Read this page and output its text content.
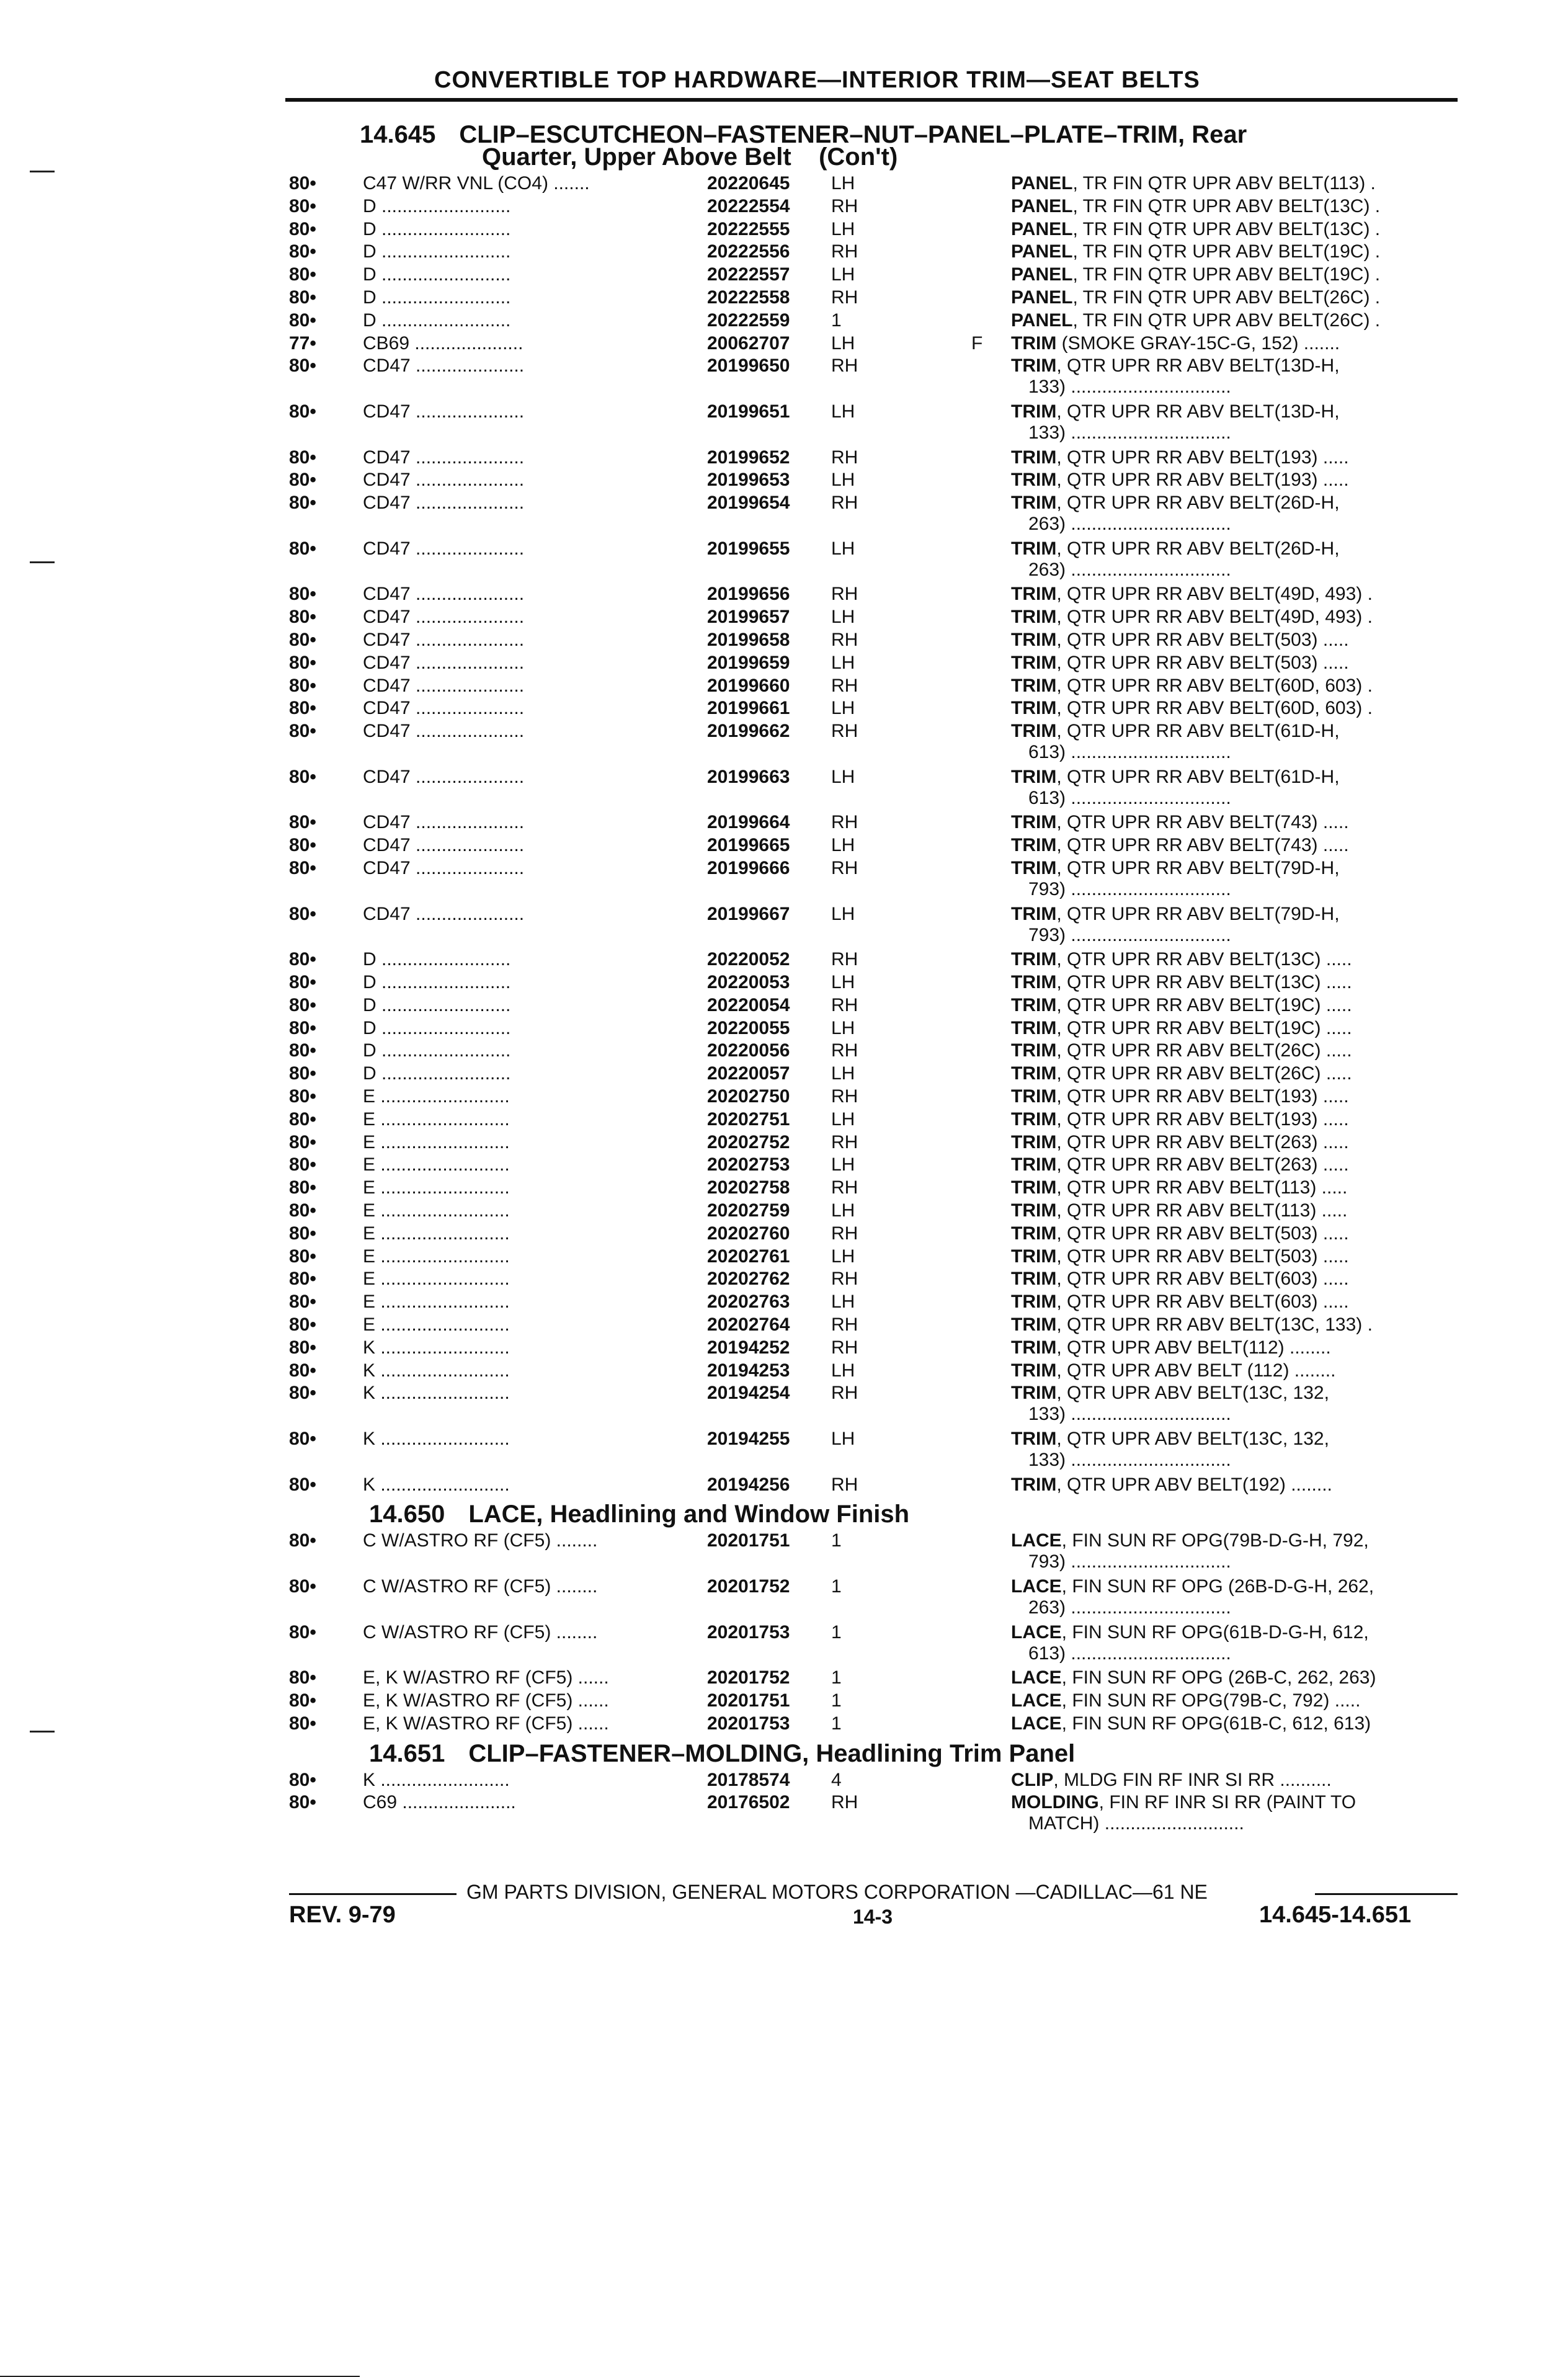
CONVERTIBLE TOP HARDWARE—INTERIOR TRIM—SEAT BELTS
14.645 CLIP–ESCUTCHEON–FASTENER–NUT–PANEL–PLATE–TRIM, Rear
Quarter, Upper Above Belt    (Con't)
80•	C47 W/RR VNL (CO4) .......	20220645 LH	PANEL, TR FIN QTR UPR ABV BELT(113) .
80•	D .........................	20222554 RH	PANEL, TR FIN QTR UPR ABV BELT(13C) .
80•	D .........................	20222555 LH	PANEL, TR FIN QTR UPR ABV BELT(13C) .
80•	D .........................	20222556 RH	PANEL, TR FIN QTR UPR ABV BELT(19C) .
80•	D .........................	20222557 LH	PANEL, TR FIN QTR UPR ABV BELT(19C) .
80•	D .........................	20222558 RH	PANEL, TR FIN QTR UPR ABV BELT(26C) .
80•	D .........................	20222559 1	PANEL, TR FIN QTR UPR ABV BELT(26C) .
77•	CB69 .....................	20062707 LH	F TRIM (SMOKE GRAY-15C-G, 152) .......
80•	CD47 .....................	20199650 RH	TRIM, QTR UPR RR ABV BELT(13D-H,
133) ...............................
80•	CD47 .....................	20199651 LH	TRIM, QTR UPR RR ABV BELT(13D-H,
133) ...............................
80•	CD47 .....................	20199652 RH	TRIM, QTR UPR RR ABV BELT(193) .....
80•	CD47 .....................	20199653 LH	TRIM, QTR UPR RR ABV BELT(193) .....
80•	CD47 .....................	20199654 RH	TRIM, QTR UPR RR ABV BELT(26D-H,
263) ...............................
80•	CD47 .....................	20199655 LH	TRIM, QTR UPR RR ABV BELT(26D-H,
263) ...............................
80•	CD47 .....................	20199656 RH	TRIM, QTR UPR RR ABV BELT(49D, 493) .
80•	CD47 .....................	20199657 LH	TRIM, QTR UPR RR ABV BELT(49D, 493) .
80•	CD47 .....................	20199658 RH	TRIM, QTR UPR RR ABV BELT(503) .....
80•	CD47 .....................	20199659 LH	TRIM, QTR UPR RR ABV BELT(503) .....
80•	CD47 .....................	20199660 RH	TRIM, QTR UPR RR ABV BELT(60D, 603) .
80•	CD47 .....................	20199661 LH	TRIM, QTR UPR RR ABV BELT(60D, 603) .
80•	CD47 .....................	20199662 RH	TRIM, QTR UPR RR ABV BELT(61D-H,
613) ...............................
80•	CD47 .....................	20199663 LH	TRIM, QTR UPR RR ABV BELT(61D-H,
613) ...............................
80•	CD47 .....................	20199664 RH	TRIM, QTR UPR RR ABV BELT(743) .....
80•	CD47 .....................	20199665 LH	TRIM, QTR UPR RR ABV BELT(743) .....
80•	CD47 .....................	20199666 RH	TRIM, QTR UPR RR ABV BELT(79D-H,
793) ...............................
80•	CD47 .....................	20199667 LH	TRIM, QTR UPR RR ABV BELT(79D-H,
793) ...............................
80•	D .........................	20220052 RH	TRIM, QTR UPR RR ABV BELT(13C) .....
80•	D .........................	20220053 LH	TRIM, QTR UPR RR ABV BELT(13C) .....
80•	D .........................	20220054 RH	TRIM, QTR UPR RR ABV BELT(19C) .....
80•	D .........................	20220055 LH	TRIM, QTR UPR RR ABV BELT(19C) .....
80•	D .........................	20220056 RH	TRIM, QTR UPR RR ABV BELT(26C) .....
80•	D .........................	20220057 LH	TRIM, QTR UPR RR ABV BELT(26C) .....
80•	E .........................	20202750 RH	TRIM, QTR UPR RR ABV BELT(193) .....
80•	E .........................	20202751 LH	TRIM, QTR UPR RR ABV BELT(193) .....
80•	E .........................	20202752 RH	TRIM, QTR UPR RR ABV BELT(263) .....
80•	E .........................	20202753 LH	TRIM, QTR UPR RR ABV BELT(263) .....
80•	E .........................	20202758 RH	TRIM, QTR UPR RR ABV BELT(113) .....
80•	E .........................	20202759 LH	TRIM, QTR UPR RR ABV BELT(113) .....
80•	E .........................	20202760 RH	TRIM, QTR UPR RR ABV BELT(503) .....
80•	E .........................	20202761 LH	TRIM, QTR UPR RR ABV BELT(503) .....
80•	E .........................	20202762 RH	TRIM, QTR UPR RR ABV BELT(603) .....
80•	E .........................	20202763 LH	TRIM, QTR UPR RR ABV BELT(603) .....
80•	E .........................	20202764 RH	TRIM, QTR UPR RR ABV BELT(13C, 133) .
80•	K .........................	20194252 RH	TRIM, QTR UPR ABV BELT(112) ........
80•	K .........................	20194253 LH	TRIM, QTR UPR ABV BELT (112) ........
80•	K .........................	20194254 RH	TRIM, QTR UPR ABV BELT(13C, 132,
133) ...............................
80•	K .........................	20194255 LH	TRIM, QTR UPR ABV BELT(13C, 132,
133) ...............................
80•	K .........................	20194256 RH	TRIM, QTR UPR ABV BELT(192) ........
14.650 LACE, Headlining and Window Finish
80•	C W/ASTRO RF (CF5) ........	20201751 1	LACE, FIN SUN RF OPG(79B-D-G-H, 792,
793) ...............................
80•	C W/ASTRO RF (CF5) ........	20201752 1	LACE, FIN SUN RF OPG (26B-D-G-H, 262,
263) ...............................
80•	C W/ASTRO RF (CF5) ........	20201753 1	LACE, FIN SUN RF OPG(61B-D-G-H, 612,
613) ...............................
80•	E, K W/ASTRO RF (CF5) ......	20201752 1	LACE, FIN SUN RF OPG (26B-C, 262, 263)
80•	E, K W/ASTRO RF (CF5) ......	20201751 1	LACE, FIN SUN RF OPG(79B-C, 792) .....
80•	E, K W/ASTRO RF (CF5) ......	20201753 1	LACE, FIN SUN RF OPG(61B-C, 612, 613)
14.651 CLIP–FASTENER–MOLDING, Headlining Trim Panel
80•	K .........................	20178574 4	CLIP, MLDG FIN RF INR SI RR ..........
80•	C69 ......................	20176502 RH	MOLDING, FIN RF INR SI RR (PAINT TO
MATCH) ...........................
GM PARTS DIVISION, GENERAL MOTORS CORPORATION —CADILLAC—61 NE
REV. 9-79	14-3	14.645-14.651
